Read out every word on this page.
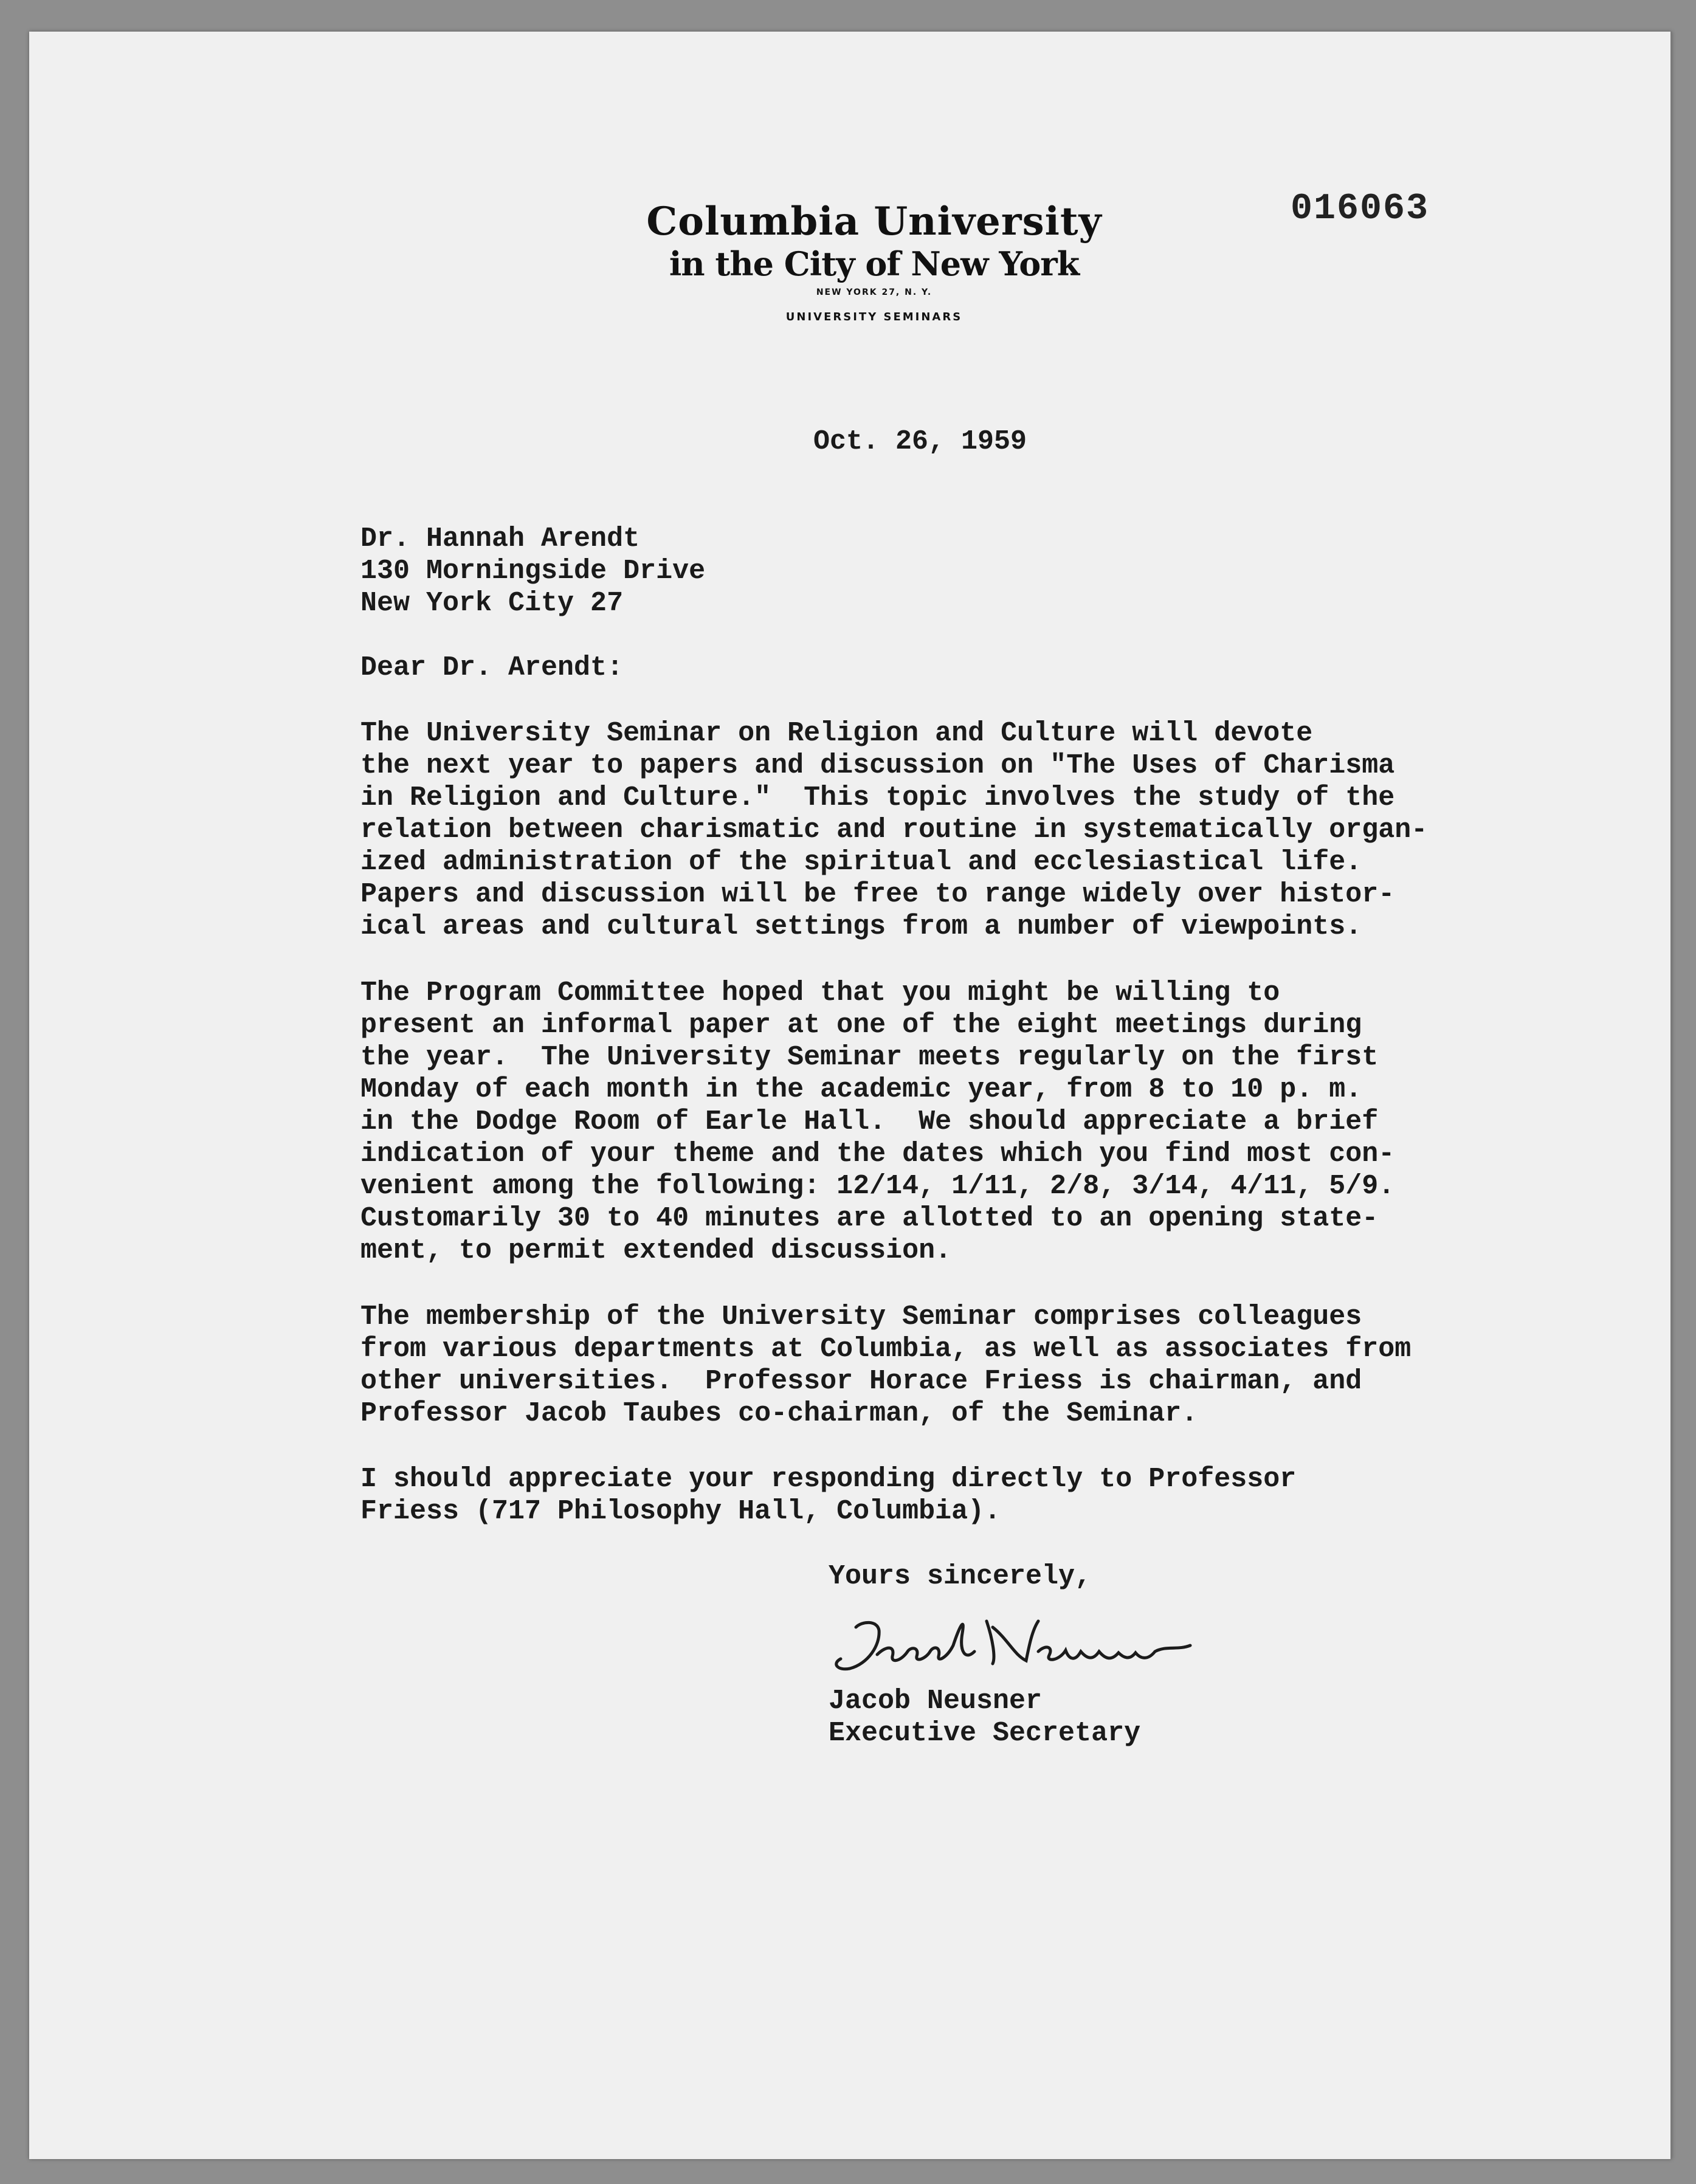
Columbia University
in the City of New York
NEW YORK 27, N. Y.
UNIVERSITY SEMINARS
016063
Oct. 26, 1959
Dr. Hannah Arendt
130 Morningside Drive
New York City 27
Dear Dr. Arendt:
The University Seminar on Religion and Culture will devote
the next year to papers and discussion on "The Uses of Charisma
in Religion and Culture."  This topic involves the study of the
relation between charismatic and routine in systematically organ-
ized administration of the spiritual and ecclesiastical life.
Papers and discussion will be free to range widely over histor-
ical areas and cultural settings from a number of viewpoints.
The Program Committee hoped that you might be willing to
present an informal paper at one of the eight meetings during
the year.  The University Seminar meets regularly on the first
Monday of each month in the academic year, from 8 to 10 p. m.
in the Dodge Room of Earle Hall.  We should appreciate a brief
indication of your theme and the dates which you find most con-
venient among the following: 12/14, 1/11, 2/8, 3/14, 4/11, 5/9.
Customarily 30 to 40 minutes are allotted to an opening state-
ment, to permit extended discussion.
The membership of the University Seminar comprises colleagues
from various departments at Columbia, as well as associates from
other universities.  Professor Horace Friess is chairman, and
Professor Jacob Taubes co-chairman, of the Seminar.
I should appreciate your responding directly to Professor
Friess (717 Philosophy Hall, Columbia).
Yours sincerely,
Jacob Neusner
Executive Secretary
